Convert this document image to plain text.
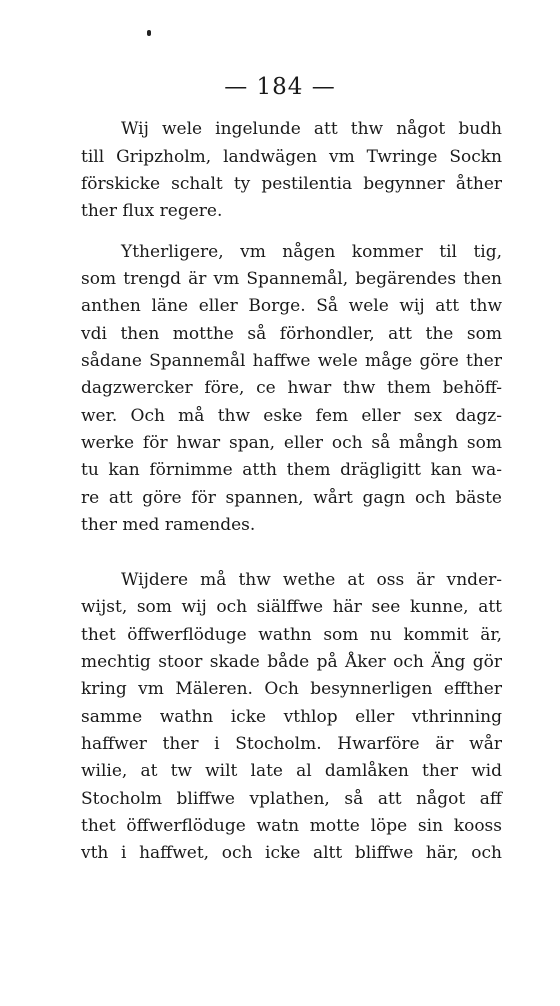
— 184 —
Wij wele ingelunde att thw något budh
till Gripzholm, landwägen vm Twringe Sockn
förskicke schalt ty pestilentia begynner åther
ther flux regere.
Ytherligere, vm någen kommer til tig,
som trengd är vm Spannemål, begärendes then
anthen läne eller Borge. Så wele wij att thw
vdi then motthe så förhondler, att the som
sådane Spannemål haffwe wele måge göre ther
dagzwercker före, ce hwar thw them behöff-
wer. Och må thw eske fem eller sex dagz-
werke för hwar span, eller och så mångh som
tu kan förnimme atth them drägligitt kan wa-
re att göre för spannen, wårt gagn och bäste
ther med ramendes.
Wijdere må thw wethe at oss är vnder-
wijst, som wij och siälffwe här see kunne, att
thet öffwerflöduge wathn som nu kommit är,
mechtig stoor skade både på Åker och Äng gör
kring vm Mäleren. Och besynnerligen effther
samme wathn icke vthlop eller vthrinning
haffwer ther i Stocholm. Hwarföre är wår
wilie, at tw wilt late al damlåken ther wid
Stocholm bliffwe vplathen, så att något aff
thet öffwerflöduge watn motte löpe sin kooss
vth i haffwet, och icke altt bliffwe här, och
